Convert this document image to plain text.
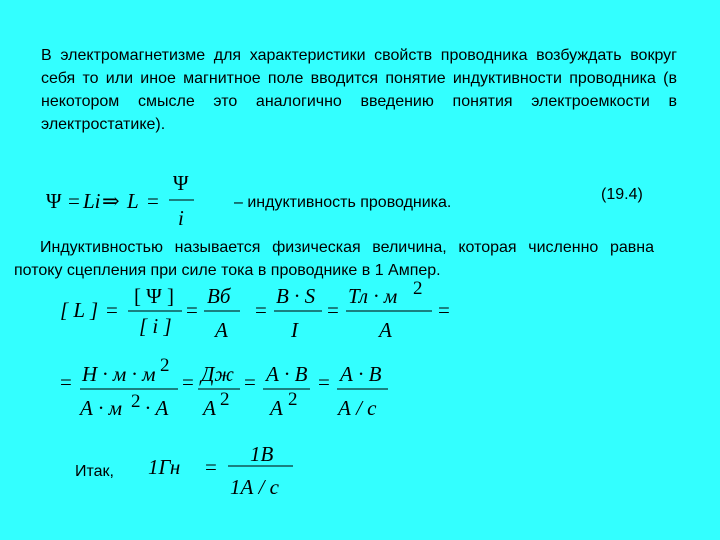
В электромагнетизме для характеристики свойств проводника возбуждать вокруг себя то или иное магнитное поле вводится понятие индуктивности проводника (в некотором смысле это аналогично введению понятия электроемкости в электростатике).
– индуктивность проводника.	(19.4)
Индуктивностью называется физическая величина, которая численно равна потоку сцепления при силе тока в проводнике в 1 Ампер.
Итак,
Ψ = Li ⇒ L =
Ψ
i
[ L ] =
[ Ψ ]
[ i ]
=
Вб
А
=
В · S
I
=
Тл · м 2
А
=
= Н · м · м 2
А · м 2 · А
= Дж
А 2
= А · В
А 2
= А · В
А / с
1Гн =
1В
1А / с
